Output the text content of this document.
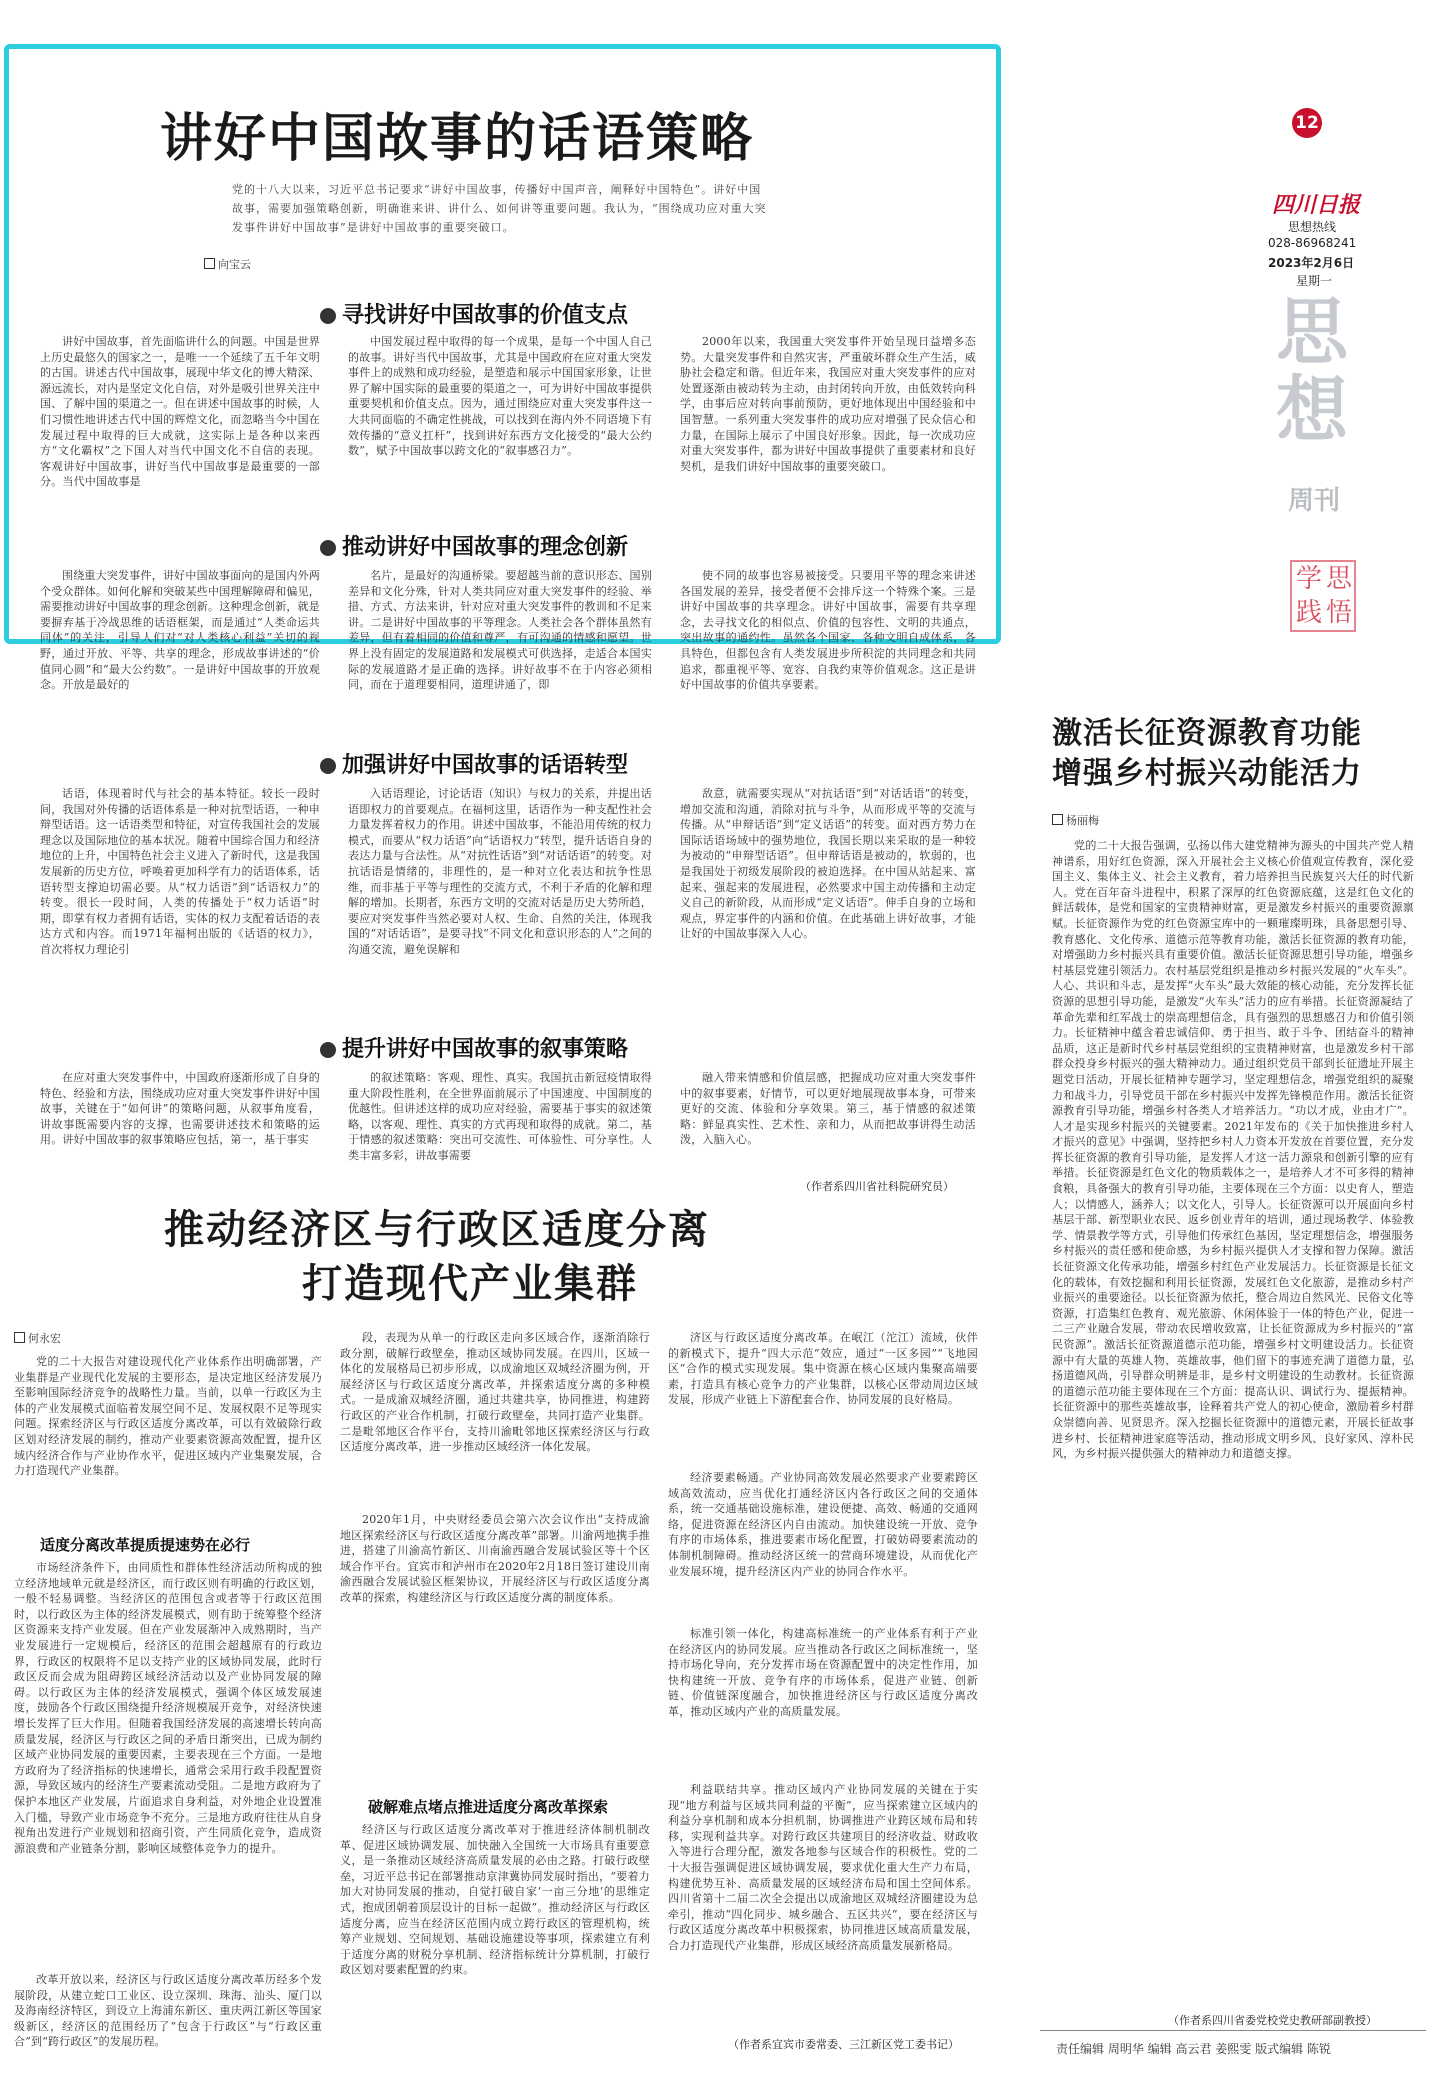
12
四川日报
思想热线
028-86968241
2023年2月6日
星期一
思
想
周刊
学 思
践 悟
讲好中国故事的话语策略
党的十八大以来，习近平总书记要求“讲好中国故事，传播好中国声音，阐释好中国特色”。讲好中国故事，需要加强策略创新，明确谁来讲、讲什么、如何讲等重要问题。我认为，“围绕成功应对重大突发事件讲好中国故事”是讲好中国故事的重要突破口。
向宝云
寻找讲好中国故事的价值支点
讲好中国故事，首先面临讲什么的问题。中国是世界上历史最悠久的国家之一，是唯一一个延续了五千年文明的古国。讲述古代中国故事，展现中华文化的博大精深、源远流长，对内是坚定文化自信，对外是吸引世界关注中国、了解中国的渠道之一。但在讲述中国故事的时候，人们习惯性地讲述古代中国的辉煌文化，而忽略当今中国在发展过程中取得的巨大成就，这实际上是各种以来西方“文化霸权”之下国人对当代中国文化不自信的表现。客观讲好中国故事，讲好当代中国故事是最重要的一部分。当代中国故事是
中国发展过程中取得的每一个成果，是每一个中国人自己的故事。讲好当代中国故事，尤其是中国政府在应对重大突发事件上的成熟和成功经验，是塑造和展示中国国家形象，让世界了解中国实际的最重要的渠道之一，可为讲好中国故事提供重要契机和价值支点。因为，通过围绕应对重大突发事件这一大共同面临的不确定性挑战，可以找到在海内外不同语境下有效传播的“意义扛杆”，找到讲好东西方文化接受的“最大公约数”，赋予中国故事以跨文化的“叙事感召力”。
2000年以来，我国重大突发事件开始呈现日益增多态势。大量突发事件和自然灾害，严重破坏群众生产生活，威胁社会稳定和谐。但近年来，我国应对重大突发事件的应对处置逐渐由被动转为主动，由封闭转向开放，由低效转向科学，由事后应对转向事前预防，更好地体现出中国经验和中国智慧。一系列重大突发事件的成功应对增强了民众信心和力量，在国际上展示了中国良好形象。因此，每一次成功应对重大突发事件，都为讲好中国故事提供了重要素材和良好契机，是我们讲好中国故事的重要突破口。
推动讲好中国故事的理念创新
围绕重大突发事件，讲好中国故事面向的是国内外两个受众群体。如何化解和突破某些中国理解障碍和偏见，需要推动讲好中国故事的理念创新。这种理念创新，就是要摒弃基于冷战思维的话语框架，而是通过“人类命运共同体”的关注，引导人们对“对人类核心利益”关切的视野，通过开放、平等、共享的理念，形成故事讲述的“价值同心圆”和“最大公约数”。一是讲好中国故事的开放观念。开放是最好的
名片，是最好的沟通桥梁。要超越当前的意识形态、国别差异和文化分殊，针对人类共同应对重大突发事件的经验、举措、方式、方法来讲，针对应对重大突发事件的教训和不足来讲。二是讲好中国故事的平等理念。人类社会各个群体虽然有差异，但有着相同的价值和尊严，有可沟通的情感和愿望。世界上没有固定的发展道路和发展模式可供选择，走适合本国实际的发展道路才是正确的选择。讲好故事不在于内容必须相同，而在于道理要相同，道理讲通了，即
使不同的故事也容易被接受。只要用平等的理念来讲述各国发展的差异，接受者便不会排斥这一个特殊个案。三是讲好中国故事的共享理念。讲好中国故事，需要有共享理念，去寻找文化的相似点、价值的包容性、文明的共通点，突出故事的通约性。虽然各个国家、各种文明自成体系，各具特色，但都包含有人类发展进步所积淀的共同理念和共同追求，都重视平等、宽容、自我约束等价值观念。这正是讲好中国故事的价值共享要素。
加强讲好中国故事的话语转型
话语，体现着时代与社会的基本特征。较长一段时间，我国对外传播的话语体系是一种对抗型话语，一种申辩型话语。这一话语类型和特征，对宣传我国社会的发展理念以及国际地位的基本状况。随着中国综合国力和经济地位的上升，中国特色社会主义进入了新时代，这是我国发展新的历史方位，呼唤着更加科学有力的话语体系，话语转型支撑迫切需必要。从“权力话语”到“话语权力”的转变。很长一段时间，人类的传播处于“权力话语”时期，即掌有权力者拥有话语，实体的权力支配着话语的表达方式和内容。而1971年福柯出版的《话语的权力》，首次将权力理论引
入话语理论，讨论话语（知识）与权力的关系，并提出话语即权力的首要观点。在福柯这里，话语作为一种支配性社会力量发挥着权力的作用。讲述中国故事，不能沿用传统的权力模式，而要从“权力话语”向“话语权力”转型，提升话语自身的表达力量与合法性。从“对抗性话语”到“对话话语”的转变。对抗话语是情绪的，非理性的，是一种对立化表达和抗争性思维，而非基于平等与理性的交流方式，不利于矛盾的化解和理解的增加。长期者，东西方文明的交流对话是历史大势所趋，要应对突发事件当然必要对人权、生命、自然的关注，体现我国的“对话话语”，是要寻找“不同文化和意识形态的人”之间的沟通交流，避免误解和
敌意，就需要实现从“对抗话语”到“对话话语”的转变，增加交流和沟通，消除对抗与斗争，从而形成平等的交流与传播。从“申辩话语”到“定义话语”的转变。面对西方势力在国际话语场域中的强势地位，我国长期以来采取的是一种较为被动的“申辩型话语”。但申辩话语是被动的，软弱的，也是我国处于初级发展阶段的被迫选择。在中国从站起来、富起来、强起来的发展进程，必然要求中国主动传播和主动定义自己的新阶段，从而形成“定义话语”。伸手自身的立场和观点，界定事件的内涵和价值。在此基础上讲好故事，才能让好的中国故事深入人心。
提升讲好中国故事的叙事策略
在应对重大突发事件中，中国政府逐渐形成了自身的特色、经验和方法，围绕成功应对重大突发事件讲好中国故事，关键在于“如何讲”的策略问题，从叙事角度看，讲故事既需要内容的支撑，也需要讲述技术和策略的运用。讲好中国故事的叙事策略应包括，第一，基于事实
的叙述策略：客观、理性、真实。我国抗击新冠疫情取得重大阶段性胜利，在全世界面前展示了中国速度、中国制度的优越性。但讲述这样的成功应对经验，需要基于事实的叙述策略，以客观、理性、真实的方式再现和取得的成就。第二，基于情感的叙述策略：突出可交流性、可体验性、可分享性。人类丰富多彩，讲故事需要
融入带来情感和价值层感，把握成功应对重大突发事件中的叙事要素，好情节，可以更好地展现故事本身，可带来更好的交流、体验和分享效果。第三，基于情感的叙述策略：鲜显真实性、艺术性、亲和力，从而把故事讲得生动活泼，入脑入心。
（作者系四川省社科院研究员）
推动经济区与行政区适度分离
打造现代产业集群
何永宏
党的二十大报告对建设现代化产业体系作出明确部署，产业集群是产业现代化发展的主要形态，是决定地区经济发展乃至影响国际经济竞争的战略性力量。当前，以单一行政区为主体的产业发展模式面临着发展空间不足、发展权限不足等现实问题。探索经济区与行政区适度分离改革，可以有效破除行政区划对经济发展的制约，推动产业要素资源高效配置，提升区域内经济合作与产业协作水平，促进区域内产业集聚发展，合力打造现代产业集群。
适度分离改革提质提速势在必行
市场经济条件下，由同质性和群体性经济活动所构成的独立经济地域单元就是经济区，而行政区则有明确的行政区划，一般不轻易调整。当经济区的范围包含或者等于行政区范围时，以行政区为主体的经济发展模式，则有助于统筹整个经济区资源来支持产业发展。但在产业发展渐冲入成熟期时，当产业发展进行一定规模后，经济区的范围会超越原有的行政边界，行政区的权限将不足以支持产业的区域协同发展，此时行政区反而会成为阻碍跨区域经济活动以及产业协同发展的障碍。以行政区为主体的经济发展模式，强调个体区域发展速度，鼓励各个行政区围绕提升经济规模展开竞争，对经济快速增长发挥了巨大作用。但随着我国经济发展的高速增长转向高质量发展，经济区与行政区之间的矛盾日渐突出，已成为制约区域产业协同发展的重要因素，主要表现在三个方面。一是地方政府为了经济指标的快速增长，通常会采用行政手段配置资源，导致区域内的经济生产要素流动受阻。二是地方政府为了保护本地区产业发展，片面追求自身利益，对外地企业设置准入门槛，导致产业市场竞争不充分。三是地方政府往往从自身视角出发进行产业规划和招商引资，产生同质化竞争，造成资源浪费和产业链条分割，影响区域整体竞争力的提升。
改革开放以来，经济区与行政区适度分离改革历经多个发展阶段，从建立蛇口工业区、设立深圳、珠海、汕头、厦门以及海南经济特区，到设立上海浦东新区、重庆两江新区等国家级新区，经济区的范围经历了“包含于行政区”与“行政区重合”到“跨行政区”的发展历程。
段，表现为从单一的行政区走向多区域合作，逐渐消除行政分割，破解行政壁垒，推动区域协同发展。在四川，区域一体化的发展格局已初步形成，以成渝地区双城经济圈为例，开展经济区与行政区适度分离改革，并探索适度分离的多种模式。一是成渝双城经济圈，通过共建共享，协同推进，构建跨行政区的产业合作机制，打破行政壁垒，共同打造产业集群。二是毗邻地区合作平台，支持川渝毗邻地区探索经济区与行政区适度分离改革，进一步推动区域经济一体化发展。
2020年1月，中央财经委员会第六次会议作出“支持成渝地区探索经济区与行政区适度分离改革”部署。川渝两地携手推进，搭建了川渝高竹新区、川南渝西融合发展试验区等十个区域合作平台。宜宾市和泸州市在2020年2月18日签订建设川南渝西融合发展试验区框架协议，开展经济区与行政区适度分离改革的探索，构建经济区与行政区适度分离的制度体系。
破解难点堵点推进适度分离改革探索
经济区与行政区适度分离改革对于推进经济体制机制改革、促进区域协调发展、加快融入全国统一大市场具有重要意义，是一条推动区域经济高质量发展的必由之路。打破行政壁垒，习近平总书记在部署推动京津冀协同发展时指出，“要着力加大对协同发展的推动，自觉打破自家‘一亩三分地’的思维定式，抱成团朝着顶层设计的目标一起做”。推动经济区与行政区适度分离，应当在经济区范围内成立跨行政区的管理机构，统筹产业规划、空间规划、基础设施建设等事项，探索建立有利于适度分离的财税分享机制、经济指标统计分算机制，打破行政区划对要素配置的约束。
济区与行政区适度分离改革。在岷江（沱江）流域，伙伴的新模式下，提升“四大示范”效应，通过“一区多园”“飞地园区”合作的模式实现发展。集中资源在核心区域内集聚高端要素，打造具有核心竞争力的产业集群，以核心区带动周边区域发展，形成产业链上下游配套合作、协同发展的良好格局。
经济要素畅通。产业协同高效发展必然要求产业要素跨区域高效流动，应当优化打通经济区内各行政区之间的交通体系，统一交通基础设施标准，建设便捷、高效、畅通的交通网络，促进资源在经济区内自由流动。加快建设统一开放、竞争有序的市场体系，推进要素市场化配置，打破妨碍要素流动的体制机制障碍。推动经济区统一的营商环境建设，从而优化产业发展环境，提升经济区内产业的协同合作水平。
标准引领一体化，构建高标准统一的产业体系有利于产业在经济区内的协同发展。应当推动各行政区之间标准统一，坚持市场化导向，充分发挥市场在资源配置中的决定性作用，加快构建统一开放、竞争有序的市场体系，促进产业链、创新链、价值链深度融合，加快推进经济区与行政区适度分离改革，推动区域内产业的高质量发展。
利益联结共享。推动区域内产业协同发展的关键在于实现“地方利益与区域共同利益的平衡”，应当探索建立区域内的利益分享机制和成本分担机制，协调推进产业跨区域布局和转移，实现利益共享。对跨行政区共建项目的经济收益、财政收入等进行合理分配，激发各地参与区域合作的积极性。党的二十大报告强调促进区域协调发展，要求优化重大生产力布局，构建优势互补、高质量发展的区域经济布局和国土空间体系。四川省第十二届二次全会提出以成渝地区双城经济圈建设为总牵引，推动“四化同步、城乡融合、五区共兴”，要在经济区与行政区适度分离改革中积极探索，协同推进区域高质量发展，合力打造现代产业集群，形成区域经济高质量发展新格局。
（作者系宜宾市委常委、三江新区党工委书记）
激活长征资源教育功能
增强乡村振兴动能活力
杨丽梅
党的二十大报告强调，弘扬以伟大建党精神为源头的中国共产党人精神谱系，用好红色资源，深入开展社会主义核心价值观宣传教育，深化爱国主义、集体主义、社会主义教育，着力培养担当民族复兴大任的时代新人。党在百年奋斗进程中，积累了深厚的红色资源底蕴，这是红色文化的鲜活载体，是党和国家的宝贵精神财富，更是激发乡村振兴的重要资源禀赋。长征资源作为党的红色资源宝库中的一颗璀璨明珠，具备思想引导、教育感化、文化传承、道德示范等教育功能，激活长征资源的教育功能，对增强助力乡村振兴具有重要价值。激活长征资源思想引导功能，增强乡村基层党建引领活力。农村基层党组织是推动乡村振兴发展的“火车头”。人心、共识和斗志，是发挥“火车头”最大效能的核心动能，充分发挥长征资源的思想引导功能，是激发“火车头”活力的应有举措。长征资源凝结了革命先辈和红军战士的崇高理想信念，具有强烈的思想感召力和价值引领力。长征精神中蕴含着忠诚信仰、勇于担当、敢于斗争、团结奋斗的精神品质，这正是新时代乡村基层党组织的宝贵精神财富，也是激发乡村干部群众投身乡村振兴的强大精神动力。通过组织党员干部到长征遗址开展主题党日活动，开展长征精神专题学习，坚定理想信念，增强党组织的凝聚力和战斗力，引导党员干部在乡村振兴中发挥先锋模范作用。激活长征资源教育引导功能，增强乡村各类人才培养活力。“功以才成，业由才广”。人才是实现乡村振兴的关键要素。2021年发布的《关于加快推进乡村人才振兴的意见》中强调，坚持把乡村人力资本开发放在首要位置，充分发挥长征资源的教育引导功能，是发挥人才这一活力源泉和创新引擎的应有举措。长征资源是红色文化的物质载体之一，是培养人才不可多得的精神食粮，具备强大的教育引导功能，主要体现在三个方面：以史育人，塑造人；以情感人，涵养人；以文化人，引导人。长征资源可以开展面向乡村基层干部、新型职业农民、返乡创业青年的培训，通过现场教学、体验教学、情景教学等方式，引导他们传承红色基因，坚定理想信念，增强服务乡村振兴的责任感和使命感，为乡村振兴提供人才支撑和智力保障。激活长征资源文化传承功能，增强乡村红色产业发展活力。长征资源是长征文化的载体，有效挖掘和利用长征资源，发展红色文化旅游，是推动乡村产业振兴的重要途径。以长征资源为依托，整合周边自然风光、民俗文化等资源，打造集红色教育、观光旅游、休闲体验于一体的特色产业，促进一二三产业融合发展，带动农民增收致富，让长征资源成为乡村振兴的“富民资源”。激活长征资源道德示范功能，增强乡村文明建设活力。长征资源中有大量的英雄人物、英雄故事，他们留下的事迹充满了道德力量，弘扬道德风尚，引导群众明辨是非，是乡村文明建设的生动教材。长征资源的道德示范功能主要体现在三个方面：提高认识、调试行为、提振精神。长征资源中的那些英雄故事，诠释着共产党人的初心使命，激励着乡村群众崇德向善、见贤思齐。深入挖掘长征资源中的道德元素，开展长征故事进乡村、长征精神进家庭等活动，推动形成文明乡风、良好家风、淳朴民风，为乡村振兴提供强大的精神动力和道德支撑。
（作者系四川省委党校党史教研部副教授）
责任编辑 周明华 编辑 高云君 姜熙雯 版式编辑 陈锐
